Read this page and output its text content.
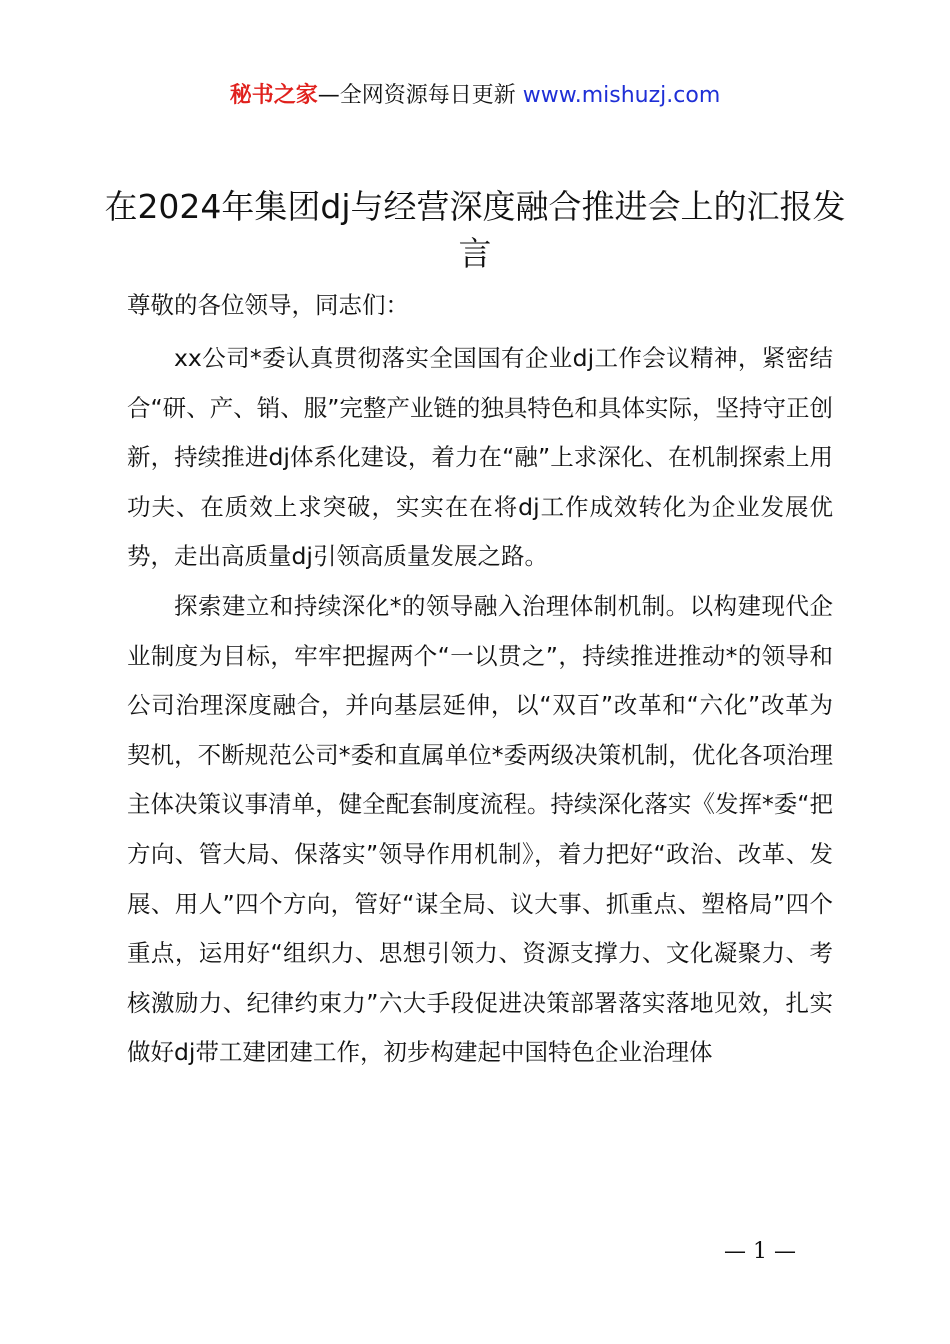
秘书之家—全网资源每日更新 www.mishuzj.com
在2024年集团dj与经营深度融合推进会上的汇报发言
尊敬的各位领导，同志们：

xx公司*委认真贯彻落实全国国有企业dj工作会议精神，紧密结合“研、产、销、服”完整产业链的独具特色和具体实际，坚持守正创新，持续推进dj体系化建设，着力在“融”上求深化、在机制探索上用功夫、在质效上求突破，实实在在将dj工作成效转化为企业发展优势，走出高质量dj引领高质量发展之路。

探索建立和持续深化*的领导融入治理体制机制。以构建现代企业制度为目标，牢牢把握两个“一以贯之”，持续推进推动*的领导和公司治理深度融合，并向基层延伸，以“双百”改革和“六化”改革为契机，不断规范公司*委和直属单位*委两级决策机制，优化各项治理主体决策议事清单，健全配套制度流程。持续深化落实《发挥*委“把方向、管大局、保落实”领导作用机制》，着力把好“政治、改革、发展、用人”四个方向，管好“谋全局、议大事、抓重点、塑格局”四个重点，运用好“组织力、思想引领力、资源支撑力、文化凝聚力、考核激励力、纪律约束力”六大手段促进决策部署落实落地见效，扎实做好dj带工建团建工作，初步构建起中国特色企业治理体

— 1 —
